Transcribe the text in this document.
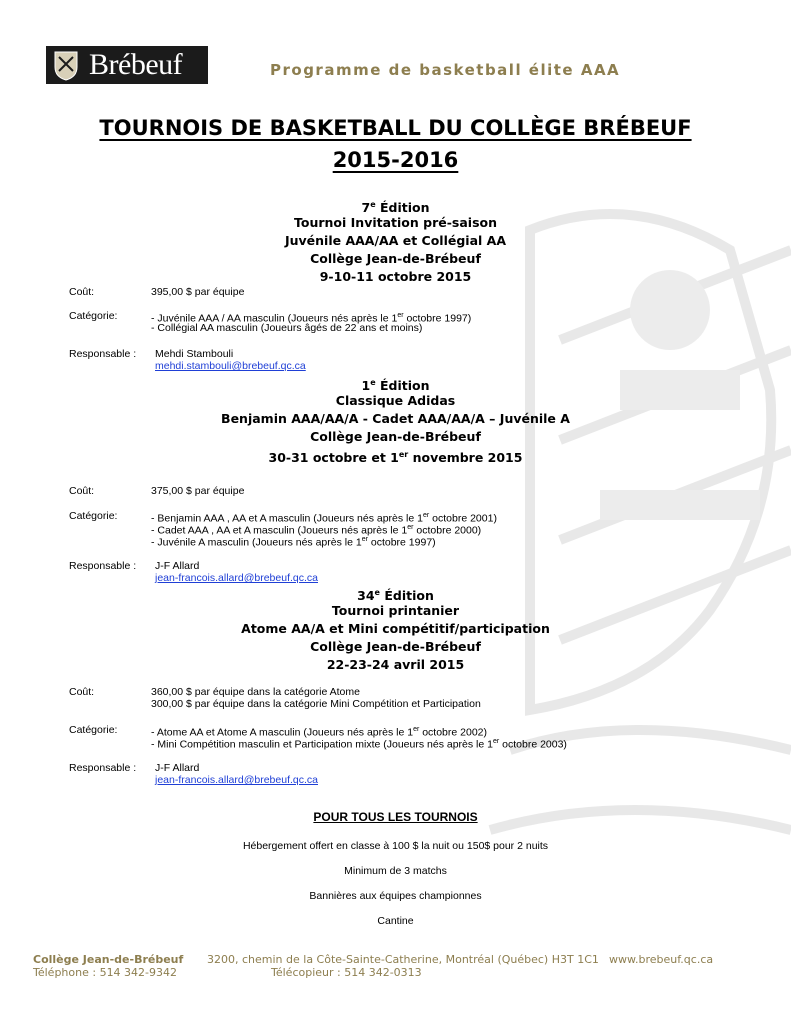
Brébeuf	Programme de basketball élite AAA
TOURNOIS DE BASKETBALL DU COLLÈGE BRÉBEUF
2015-2016
7e Édition
Tournoi Invitation pré-saison
Juvénile AAA/AA et Collégial AA
Collège Jean-de-Brébeuf
9-10-11 octobre 2015
Coût:	395,00 $ par équipe
Catégorie:	- Juvénile AAA / AA masculin (Joueurs nés après le 1er octobre 1997)
- Collégial AA masculin (Joueurs âgés de 22 ans et moins)
Responsable : Mehdi Stambouli
mehdi.stambouli@brebeuf.qc.ca
1e Édition
Classique Adidas
Benjamin AAA/AA/A - Cadet AAA/AA/A – Juvénile A
Collège Jean-de-Brébeuf
30-31 octobre et 1er novembre 2015
Coût:	375,00 $ par équipe
Catégorie:	- Benjamin AAA , AA et A masculin (Joueurs nés après le 1er octobre 2001)
- Cadet AAA , AA et A masculin (Joueurs nés après le 1er octobre 2000)
- Juvénile A masculin (Joueurs nés après le 1er octobre 1997)
Responsable : J-F Allard
jean-francois.allard@brebeuf.qc.ca
34e Édition
Tournoi printanier
Atome AA/A et Mini compétitif/participation
Collège Jean-de-Brébeuf
22-23-24 avril 2015
Coût:	360,00 $ par équipe dans la catégorie Atome
300,00 $ par équipe dans la catégorie Mini Compétition et Participation
Catégorie:	- Atome AA et Atome A masculin (Joueurs nés après le 1er octobre 2002)
- Mini Compétition masculin et Participation mixte (Joueurs nés après le 1er octobre 2003)
Responsable : J-F Allard
jean-francois.allard@brebeuf.qc.ca
POUR TOUS LES TOURNOIS
Hébergement offert en classe à 100 $ la nuit ou 150$ pour 2 nuits
Minimum de 3 matchs
Bannières aux équipes championnes
Cantine
Collège Jean-de-Brébeuf 3200, chemin de la Côte-Sainte-Catherine, Montréal (Québec) H3T 1C1 www.brebeuf.qc.ca
Téléphone : 514 342-9342	Télécopieur : 514 342-0313
